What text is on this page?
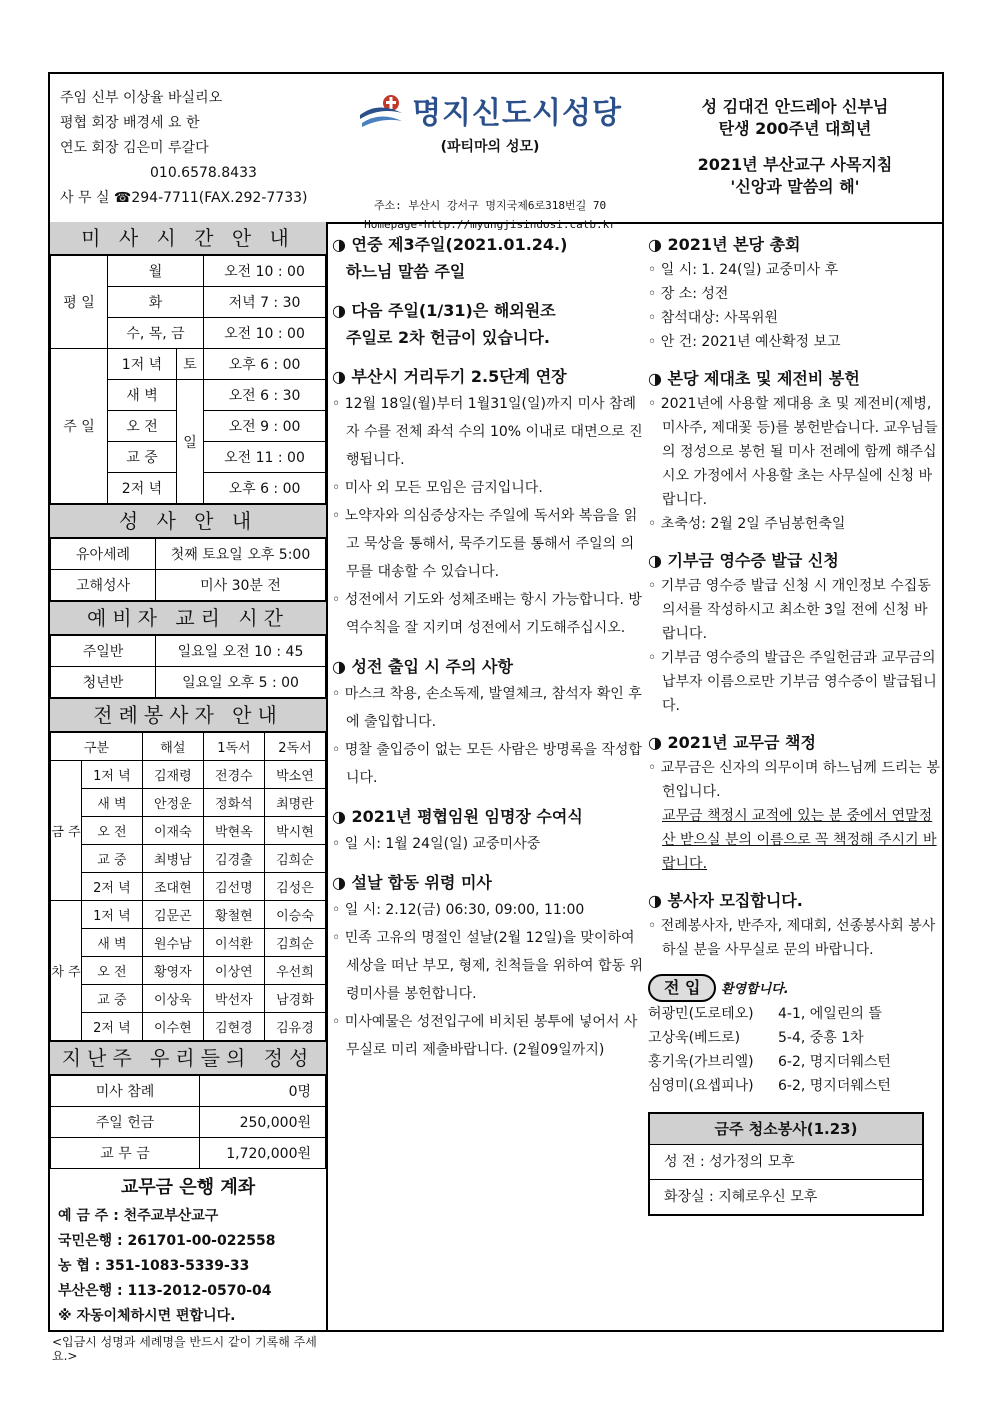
주임 신부 이상율 바실리오
평협 회장 배경세 요 한
연도 회장 김은미 루갈다
010.6578.8433
사 무 실 ☎294-7711(FAX.292-7733)
명지신도시성당
(파티마의 성모)
주소: 부산시 강서구 명지국제6로318번길 70
Homepage-http://myungjisindosi.catb.kr
성 김대건 안드레아 신부님
탄생 200주년 대희년
2021년 부산교구 사목지침
'신앙과 말씀의 해'
미 사 시 간 안 내
평 일	월		오전 10 : 00
	화		저녁 7 : 30
	수, 목, 금		오전 10 : 00
주 일	1저 녁	토	오후 6 : 00
	새 벽	일	오전 6 : 30
	오 전		오전 9 : 00
	교 중		오전 11 : 00
	2저 녁		오후 6 : 00
성 사 안 내
유아세례	첫째 토요일 오후 5:00
고해성사	미사 30분 전
예비자 교리 시간
주일반	일요일 오전 10 : 45
청년반	일요일 오후 5 : 00
전례봉사자 안내
구분		해설	1독서	2독서
금 주	1저 녁	김재령	전경수	박소연
	새 벽	안정운	정화석	최명란
	오 전	이재숙	박현옥	박시현
	교 중	최병남	김경출	김희순
	2저 녁	조대현	김선명	김성은
차 주	1저 녁	김문곤	황철현	이승숙
	새 벽	원수남	이석환	김희순
	오 전	황영자	이상연	우선희
	교 중	이상욱	박선자	남경화
	2저 녁	이수현	김현경	김유경
지난주 우리들의 정성
미사 참례	0명
주일 헌금	250,000원
교 무 금	1,720,000원
교무금 은행 계좌
예 금 주 : 천주교부산교구
국민은행 : 261701-00-022558
농 협 : 351-1083-5339-33
부산은행 : 113-2012-0570-04
※ 자동이체하시면 편합니다.
<입금시 성명과 세례명을 반드시 같이 기록해 주세요.>
◑ 연중 제3주일(2021.01.24.)
하느님 말씀 주일
◑ 다음 주일(1/31)은 해외원조
주일로 2차 헌금이 있습니다.
◑ 부산시 거리두기 2.5단계 연장
◦ 12월 18일(월)부터 1월31일(일)까지 미사 참례자 수를 전체 좌석 수의 10% 이내로 대면으로 진행됩니다.
◦ 미사 외 모든 모임은 금지입니다.
◦ 노약자와 의심증상자는 주일에 독서와 복음을 읽고 묵상을 통해서, 묵주기도를 통해서 주일의 의무를 대송할 수 있습니다.
◦ 성전에서 기도와 성체조배는 항시 가능합니다. 방역수칙을 잘 지키며 성전에서 기도해주십시오.
◑ 성전 출입 시 주의 사항
◦ 마스크 착용, 손소독제, 발열체크, 참석자 확인 후에 출입합니다.
◦ 명찰 출입증이 없는 모든 사람은 방명록을 작성합니다.
◑ 2021년 평협임원 임명장 수여식
◦ 일 시: 1월 24일(일) 교중미사중
◑ 설날 합동 위령 미사
◦ 일 시: 2.12(금) 06:30, 09:00, 11:00
◦ 민족 고유의 명절인 설날(2월 12일)을 맞이하여 세상을 떠난 부모, 형제, 친척들을 위하여 합동 위령미사를 봉헌합니다.
◦ 미사예물은 성전입구에 비치된 봉투에 넣어서 사무실로 미리 제출바랍니다. (2월09일까지)
◑ 2021년 본당 총회
◦ 일 시: 1. 24(일) 교중미사 후
◦ 장 소: 성전
◦ 참석대상: 사목위원
◦ 안 건: 2021년 예산확정 보고
◑ 본당 제대초 및 제전비 봉헌
◦ 2021년에 사용할 제대용 초 및 제전비(제병, 미사주, 제대꽃 등)를 봉헌받습니다. 교우님들의 정성으로 봉헌 될 미사 전례에 함께 해주십시오 가정에서 사용할 초는 사무실에 신청 바랍니다.
◦ 초축성: 2월 2일 주님봉헌축일
◑ 기부금 영수증 발급 신청
◦ 기부금 영수증 발급 신청 시 개인정보 수집동의서를 작성하시고 최소한 3일 전에 신청 바랍니다.
◦ 기부금 영수증의 발급은 주일헌금과 교무금의 납부자 이름으로만 기부금 영수증이 발급됩니다.
◑ 2021년 교무금 책정
◦ 교무금은 신자의 의무이며 하느님께 드리는 봉헌입니다.
교무금 책정시 교적에 있는 분 중에서 연말정산 받으실 분의 이름으로 꼭 책정해 주시기 바랍니다.
◑ 봉사자 모집합니다.
◦ 전례봉사자, 반주자, 제대회, 선종봉사회 봉사하실 분을 사무실로 문의 바랍니다.
전 입 환영합니다.
허광민(도로테오)	4-1, 에일린의 뜰
고상욱(베드로)	5-4, 중흥 1차
홍기욱(가브리엘)	6-2, 명지더웨스턴
심영미(요셉피나)	6-2, 명지더웨스턴
금주 청소봉사(1.23)
성 전 : 성가정의 모후
화장실 : 지혜로우신 모후
